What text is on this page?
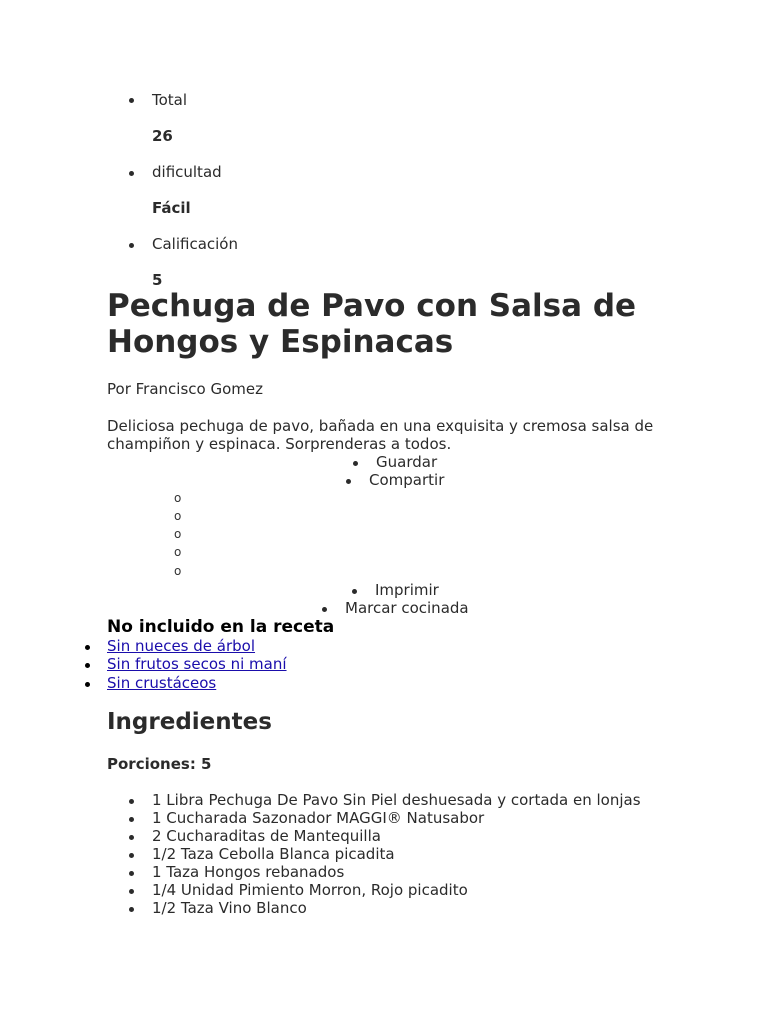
Total
26
dificultad
Fácil
Calificación
5
Pechuga de Pavo con Salsa de Hongos y Espinacas
Por Francisco Gomez
Deliciosa pechuga de pavo, bañada en una exquisita y cremosa salsa de champiñon y espinaca. Sorprenderas a todos.
Guardar
Compartir
o
o
o
o
o
Imprimir
Marcar cocinada
No incluido en la receta
Sin nueces de árbol
Sin frutos secos ni maní
Sin crustáceos
Ingredientes
Porciones: 5
1 Libra Pechuga De Pavo Sin Piel deshuesada y cortada en lonjas
1 Cucharada Sazonador MAGGI® Natusabor
2 Cucharaditas de Mantequilla
1/2 Taza Cebolla Blanca picadita
1 Taza Hongos rebanados
1/4 Unidad Pimiento Morron, Rojo picadito
1/2 Taza Vino Blanco
